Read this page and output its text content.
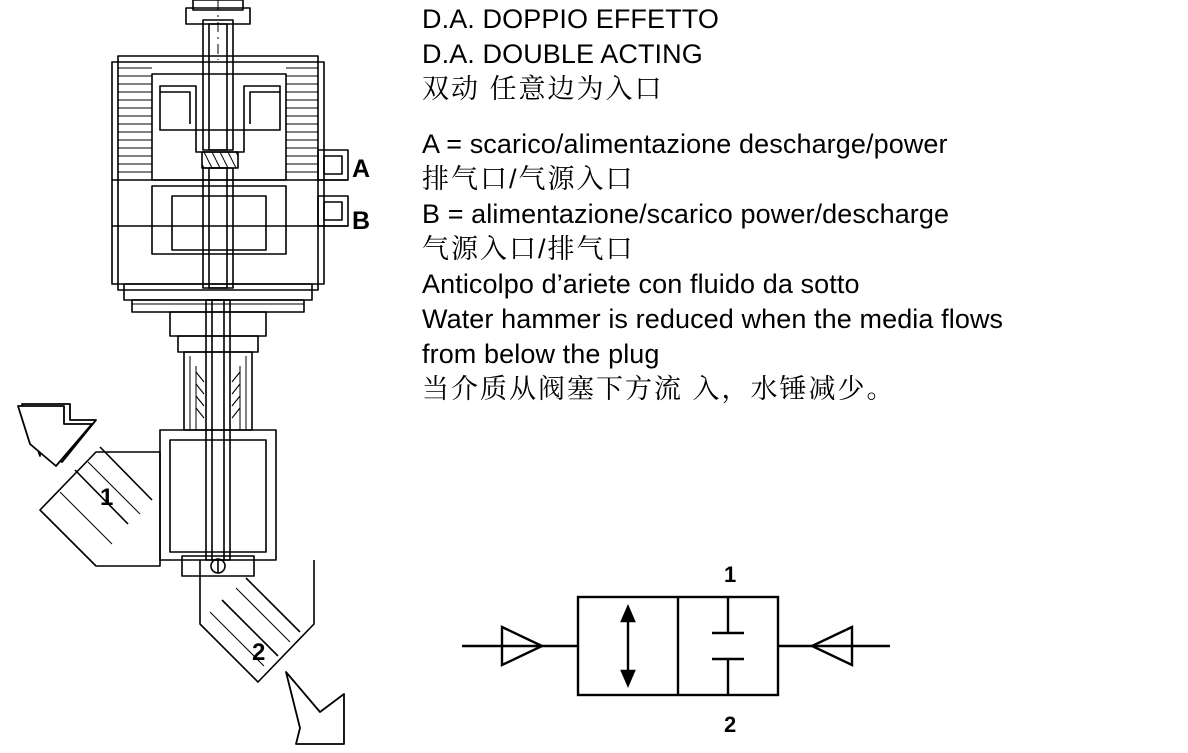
A
B
1
2
D.A. DOPPIO EFFETTO
D.A. DOUBLE ACTING
双动 任意边为入口
A = scarico/alimentazione descharge/power
排气口/气源入口
B = alimentazione/scarico power/descharge
气源入口/排气口
Anticolpo d’ariete con fluido da sotto
Water hammer is reduced when the media flows
from below the plug
当介质从阀塞下方流 入，水锤减少。
1
2
